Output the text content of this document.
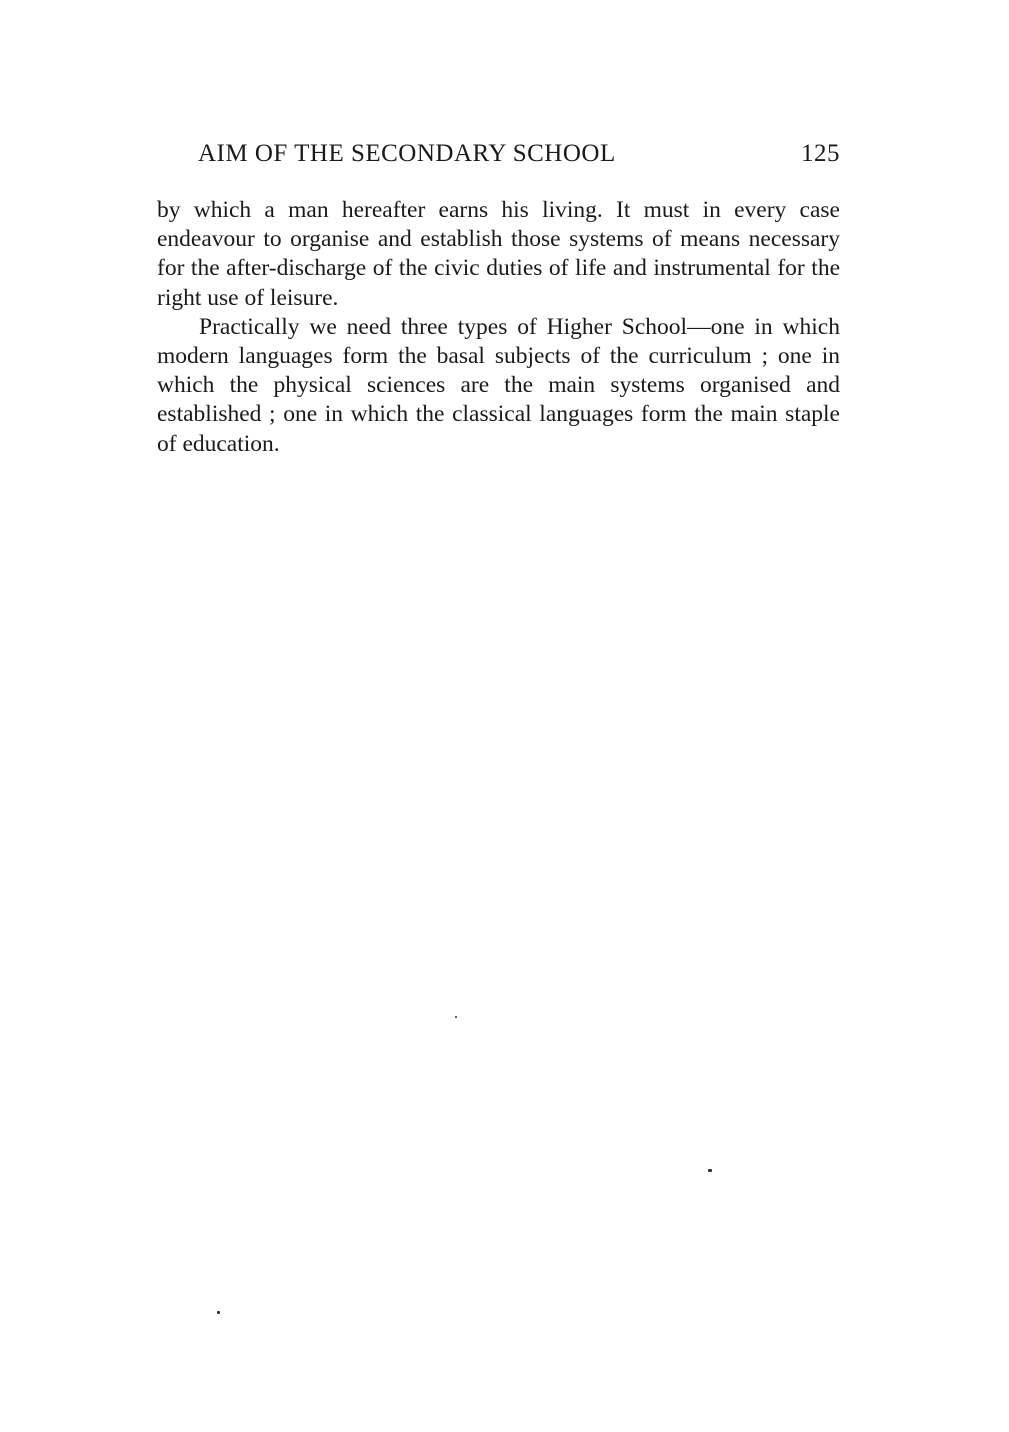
AIM OF THE SECONDARY SCHOOL	125

by which a man hereafter earns his living. It must in every case endeavour to organise and establish those systems of means necessary for the after-discharge of the civic duties of life and instrumental for the right use of leisure.

Practically we need three types of Higher School—one in which modern languages form the basal subjects of the curriculum ; one in which the physical sciences are the main systems organised and established ; one in which the classical languages form the main staple of education.
